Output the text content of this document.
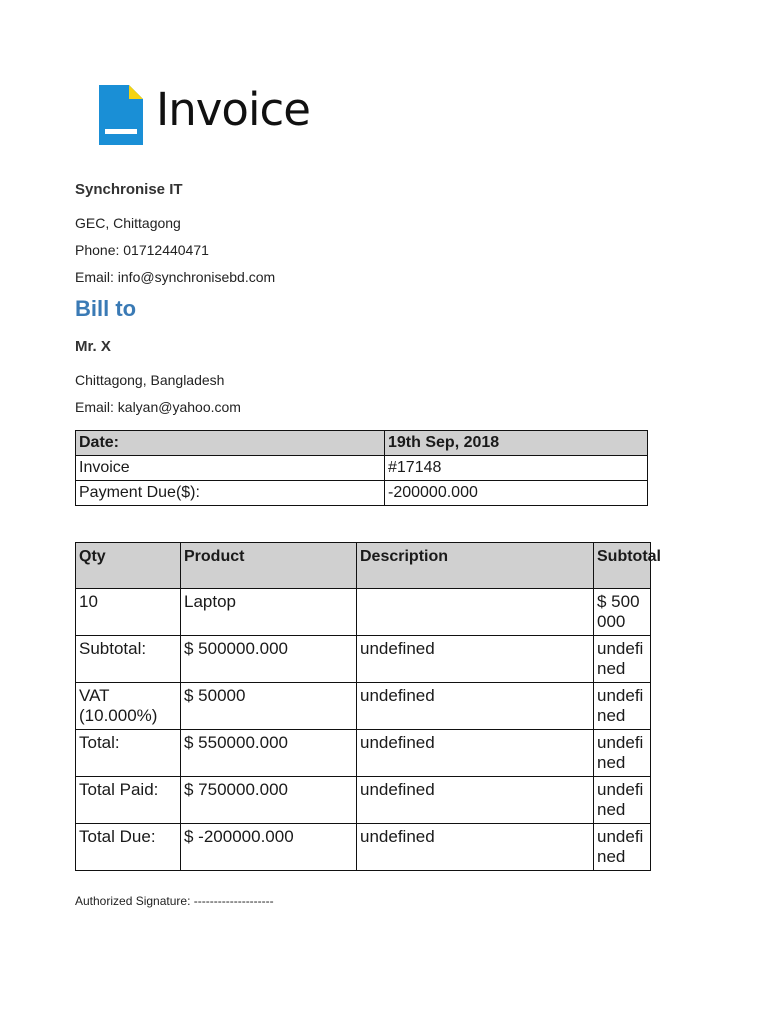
Invoice
Synchronise IT
GEC, Chittagong
Phone: 01712440471
Email: info@synchronisebd.com
Bill to
Mr. X
Chittagong, Bangladesh
Email: kalyan@yahoo.com
Date:	19th Sep, 2018
Invoice	#17148
Payment Due($):	-200000.000
Qty	Product	Description	Subtotal
10	Laptop		$ 500000
Subtotal:	$ 500000.000	undefined	undefined
VAT (10.000%)	$ 50000	undefined	undefined
Total:	$ 550000.000	undefined	undefined
Total Paid:	$ 750000.000	undefined	undefined
Total Due:	$ -200000.000	undefined	undefined
Authorized Signature: --------------------
